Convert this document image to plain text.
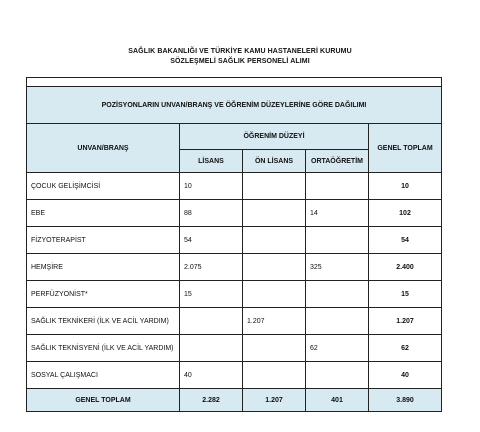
SAĞLIK BAKANLIĞI VE TÜRKİYE KAMU HASTANELERİ KURUMU
SÖZLEŞMELİ SAĞLIK PERSONELİ ALIMI

POZİSYONLARIN UNVAN/BRANŞ VE ÖĞRENİM DÜZEYLERİNE GÖRE DAĞILIMI				
UNVAN/BRANŞ	ÖĞRENİM DÜZEYİ			GENEL TOPLAM
	LİSANS	ÖN LİSANS	ORTAÖĞRETİM	
ÇOCUK GELİŞİMCİSİ	10			10
EBE	88		14	102
FİZYOTERAPİST	54			54
HEMŞİRE	2.075		325	2.400
PERFÜZYONİST*	15			15
SAĞLIK TEKNİKERİ (İLK VE ACİL YARDIM)		1.207		1.207
SAĞLIK TEKNİSYENİ (İLK VE ACİL YARDIM)			62	62
SOSYAL ÇALIŞMACI	40			40
GENEL TOPLAM	2.282	1.207	401	3.890
